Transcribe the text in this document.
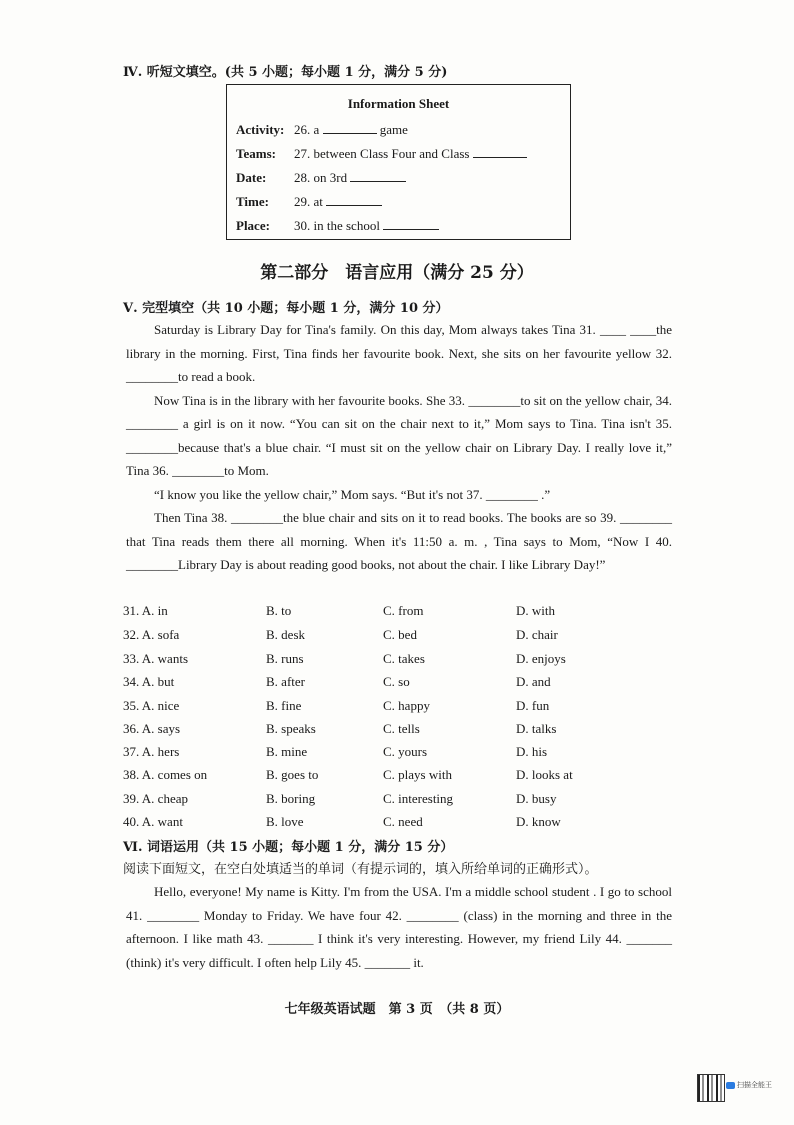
Ⅳ. 听短文填空。(共 5 小题；每小题 1 分，满分 5 分)
Information Sheet
Activity: 26. a	game
Teams: 27. between Class Four and Class
Date: 28. on 3rd
Time: 29. at
Place: 30. in the school
第二部分　语言应用（满分 25 分）
Ⅴ. 完型填空（共 10 小题；每小题 1 分，满分 10 分）

Saturday is Library Day for Tina's family. On this day, Mom always takes Tina 31. ____ ____the library in the morning. First, Tina finds her favourite book. Next, she sits on her favourite yellow 32. ________to read a book.

Now Tina is in the library with her favourite books. She 33. ________to sit on the yellow chair, 34. ________ a girl is on it now. “You can sit on the chair next to it,” Mom says to Tina. Tina isn't 35. ________because that's a blue chair. “I must sit on the yellow chair on Library Day. I really love it,” Tina 36. ________to Mom.

“I know you like the yellow chair,” Mom says. “But it's not 37. ________ .”

Then Tina 38. ________the blue chair and sits on it to read books. The books are so 39. ________ that Tina reads them there all morning. When it's 11:50 a. m. , Tina says to Mom, “Now I 40. ________Library Day is about reading good books, not about the chair. I like Library Day!”

31. A. in	B. to	C. from	D. with
32. A. sofa	B. desk	C. bed	D. chair
33. A. wants	B. runs	C. takes	D. enjoys
34. A. but	B. after	C. so	D. and
35. A. nice	B. fine	C. happy	D. fun
36. A. says	B. speaks	C. tells	D. talks
37. A. hers	B. mine	C. yours	D. his
38. A. comes on	B. goes to	C. plays with	D. looks at
39. A. cheap	B. boring	C. interesting	D. busy
40. A. want	B. love	C. need	D. know
Ⅵ. 词语运用（共 15 小题；每小题 1 分，满分 15 分）
阅读下面短文，在空白处填适当的单词（有提示词的，填入所给单词的正确形式）。

Hello, everyone! My name is Kitty. I'm from the USA. I'm a middle school student . I go to school 41. ________ Monday to Friday. We have four 42. ________ (class) in the morning and three in the afternoon. I like math 43. _______ I think it's very interesting. However, my friend Lily 44. _______ (think) it's very difficult. I often help Lily 45. _______ it.

七年级英语试题　第 3 页　（共 8 页）
扫描全能王
